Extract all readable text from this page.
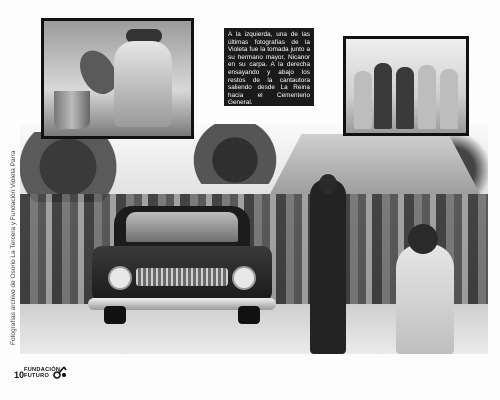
Fotografías archivo de Osorio La Tercera y Fundación Violeta Parra
A la izquierda, una de las últimas fotografías de la Violeta fue la tomada junto a su hermano mayor, Nicanor en su carpa. A la derecha ensayando y abajo los restos de la cantautora saliendo desde La Reina hacia el Cementerio General.
10 FUNDACIÓN
FUTURO
